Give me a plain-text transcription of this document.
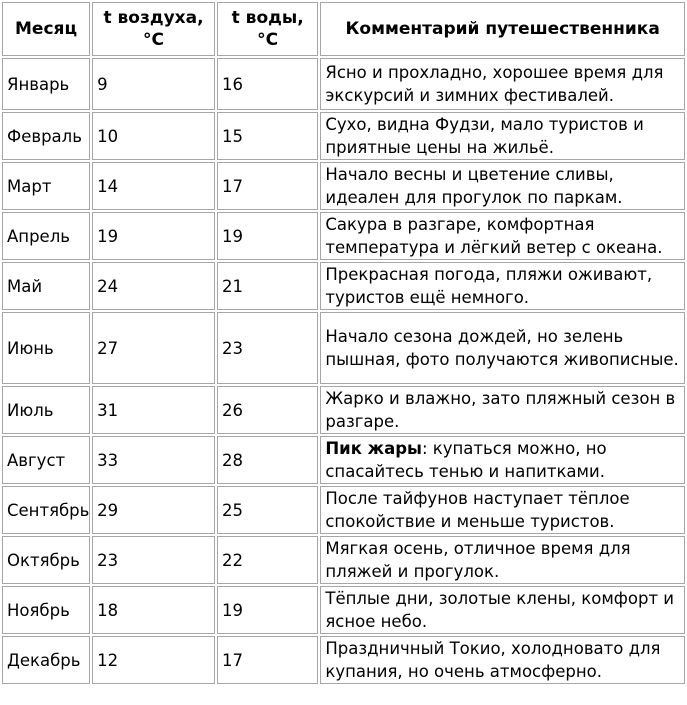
Месяц	t воздуха, °C	t воды, °C	Комментарий путешественника
Январь	9	16	Ясно и прохладно, хорошее время для экскурсий и зимних фестивалей.
Февраль	10	15	Сухо, видна Фудзи, мало туристов и приятные цены на жильё.
Март	14	17	Начало весны и цветение сливы, идеален для прогулок по паркам.
Апрель	19	19	Сакура в разгаре, комфортная температура и лёгкий ветер с океана.
Май	24	21	Прекрасная погода, пляжи оживают, туристов ещё немного.
Июнь	27	23	Начало сезона дождей, но зелень пышная, фото получаются живописные.
Июль	31	26	Жарко и влажно, зато пляжный сезон в разгаре.
Август	33	28	Пик жары: купаться можно, но спасайтесь тенью и напитками.
Сентябрь	29	25	После тайфунов наступает тёплое спокойствие и меньше туристов.
Октябрь	23	22	Мягкая осень, отличное время для пляжей и прогулок.
Ноябрь	18	19	Тёплые дни, золотые клены, комфорт и ясное небо.
Декабрь	12	17	Праздничный Токио, холодновато для купания, но очень атмосферно.
